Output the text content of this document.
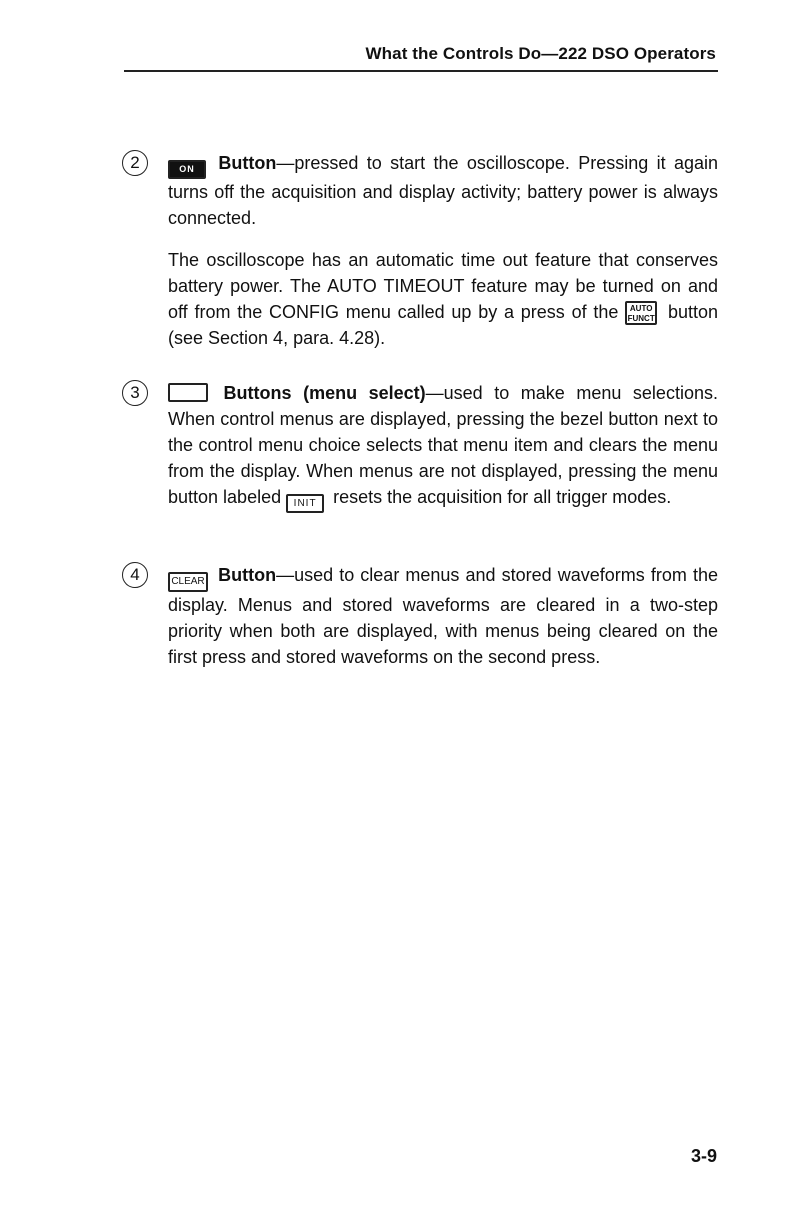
What the Controls Do—222 DSO Operators
2	ON Button—pressed to start the oscilloscope. Pressing it again turns off the acquisition and display activity; battery power is always connected.

The oscilloscope has an automatic time out feature that conserves battery power. The AUTO TIMEOUT feature may be turned on and off from the CONFIG menu called up by a press of the AUTO FUNCT button (see Section 4, para. 4.28).

3	Buttons (menu select)—used to make menu selections. When control menus are displayed, pressing the bezel button next to the control menu choice selects that menu item and clears the menu from the display. When menus are not displayed, pressing the menu button labeled INIT resets the acquisition for all trigger modes.

4	CLEAR Button—used to clear menus and stored waveforms from the display. Menus and stored waveforms are cleared in a two-step priority when both are displayed, with menus being cleared on the first press and stored waveforms on the second press.

3-9
